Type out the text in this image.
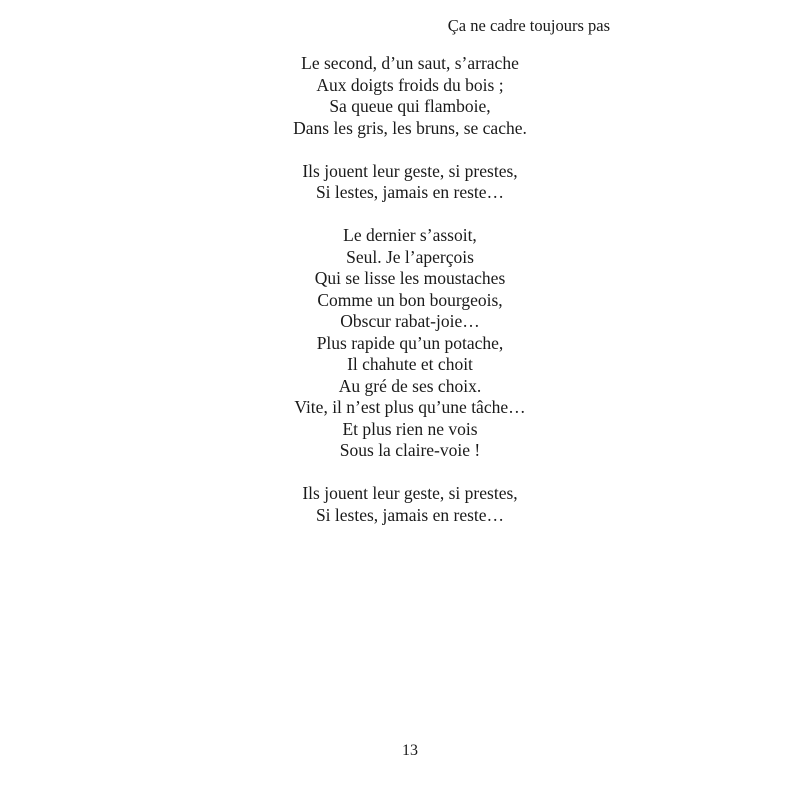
Ça ne cadre toujours pas
Le second, d’un saut, s’arrache
Aux doigts froids du bois ;
Sa queue qui flamboie,
Dans les gris, les bruns, se cache.
Ils jouent leur geste, si prestes,
Si lestes, jamais en reste…
Le dernier s’assoit,
Seul. Je l’aperçois
Qui se lisse les moustaches
Comme un bon bourgeois,
Obscur rabat-joie…
Plus rapide qu’un potache,
Il chahute et choit
Au gré de ses choix.
Vite, il n’est plus qu’une tâche…
Et plus rien ne vois
Sous la claire-voie !
Ils jouent leur geste, si prestes,
Si lestes, jamais en reste…
13
